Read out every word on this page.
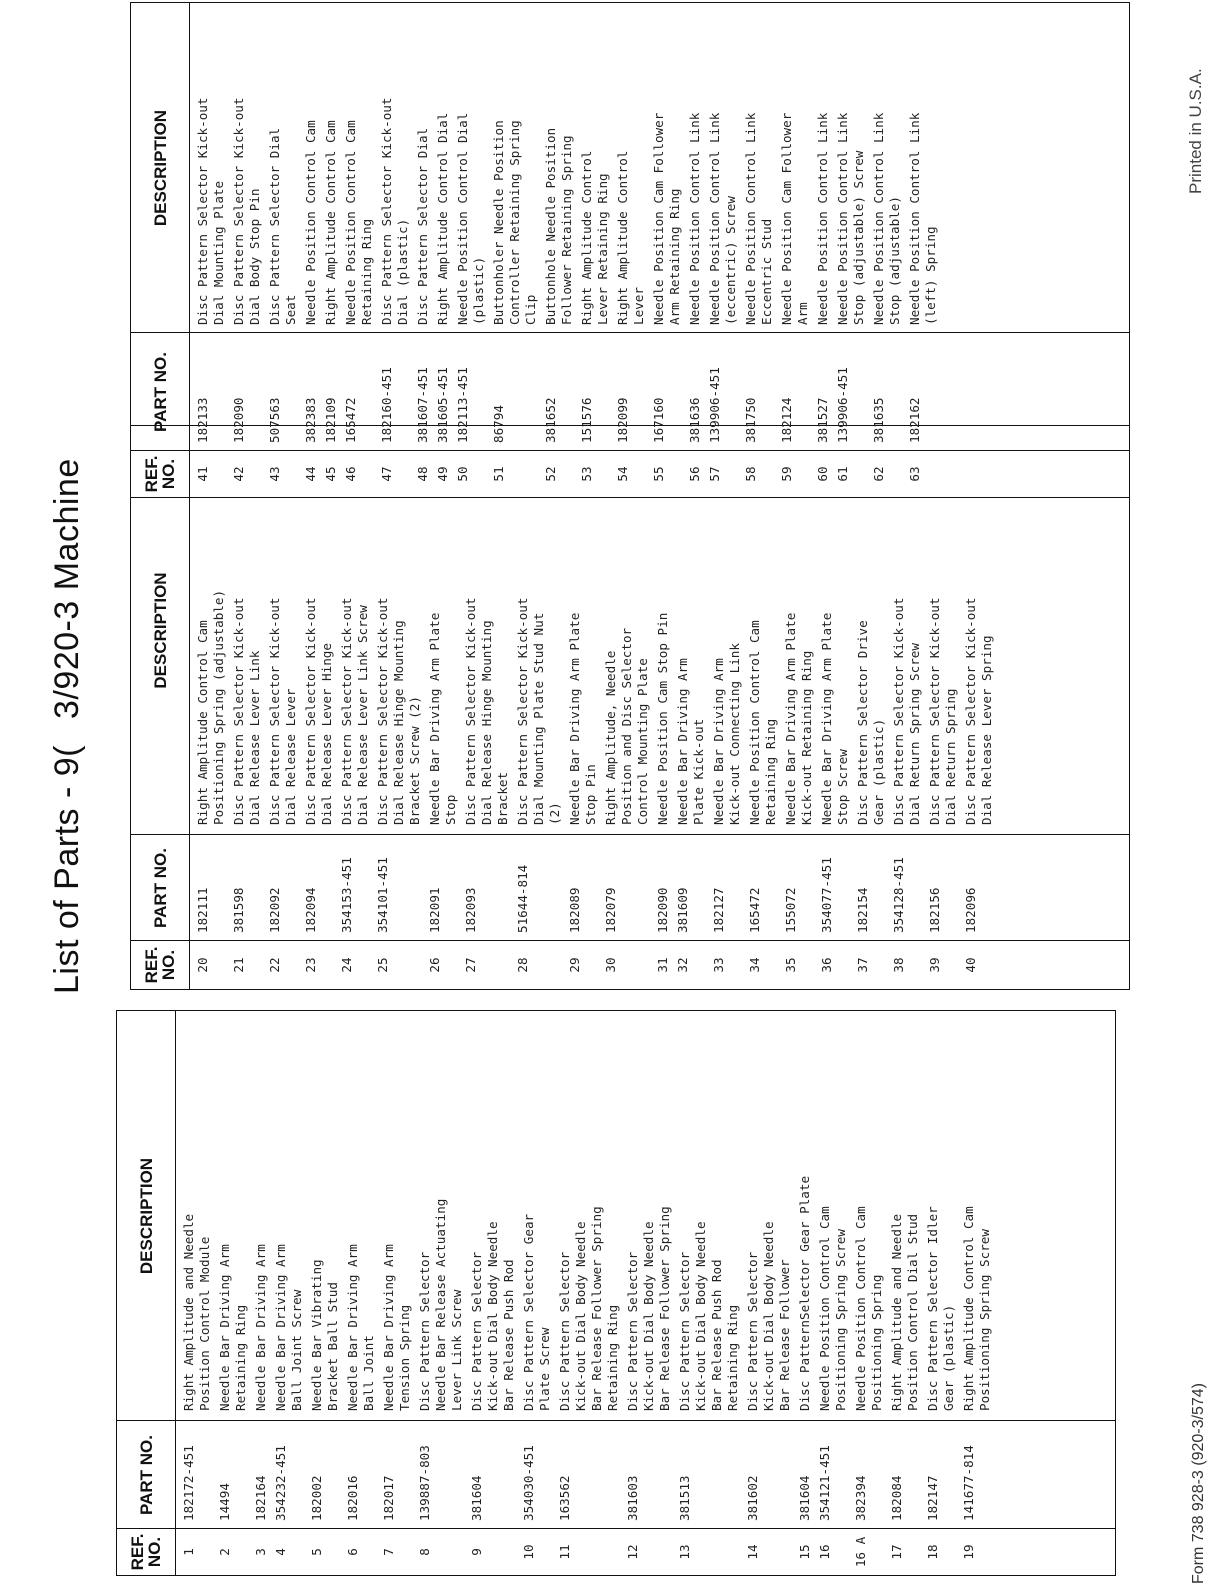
List of Parts - 9(3/920-3 Machine
REF. NO.
PART NO.
DESCRIPTION
1
182172-451
Right Amplitude and Needle Position Control Module
2
14494
Needle Bar Driving Arm Retaining Ring
3
182164
Needle Bar Driving Arm
4
354232-451
Needle Bar Driving Arm Ball Joint Screw
5
182002
Needle Bar Vibrating Bracket Ball Stud
6
182016
Needle Bar Driving Arm Ball Joint
7
182017
Needle Bar Driving Arm Tension Spring
8
139887-803
Disc Pattern Selector Needle Bar Release Actuating Lever Link Screw
9
381604
Disc Pattern Selector Kick-out Dial Body Needle Bar Release Push Rod
10
354030-451
Disc Pattern Selector Gear Plate Screw
11
163562
Disc Pattern Selector Kick-out Dial Body Needle Bar Release Follower Spring Retaining Ring
12
381603
Disc Pattern Selector Kick-out Dial Body Needle Bar Release Follower Spring
13
381513
Disc Pattern Selector Kick-out Dial Body Needle Bar Release Push Rod Retaining Ring
14
381602
Disc Pattern Selector Kick-out Dial Body Needle Bar Release Follower
15
381604
Disc PatternSelector Gear Plate
16
354121-451
Needle Position Control Cam Positioning Spring Screw
16 A
382394
Needle Position Control Cam Positioning Spring
17
182084
Right Amplitude and Needle Position Control Dial Stud
18
182147
Disc Pattern Selector Idler Gear (plastic)
19
141677-814
Right Amplitude Control Cam Positioning Spring Screw
REF. NO.
PART NO.
DESCRIPTION
20
182111
Right Amplitude Control Cam Positioning Spring (adjustable)
21
381598
Disc Pattern Selector Kick-out Dial Release Lever Link
22
182092
Disc Pattern Selector Kick-out Dial Release Lever
23
182094
Disc Pattern Selector Kick-out Dial Release Lever Hinge
24
354153-451
Disc Pattern Selector Kick-out Dial Release Lever Link Screw
25
354101-451
Disc Pattern Selector Kick-out Dial Release Hinge Mounting Bracket Screw (2)
26
182091
Needle Bar Driving Arm Plate Stop
27
182093
Disc Pattern Selector Kick-out Dial Release Hinge Mounting Bracket
28
51644-814
Disc Pattern Selector Kick-out Dial Mounting Plate Stud Nut (2)
29
182089
Needle Bar Driving Arm Plate Stop Pin
30
182079
Right Amplitude, Needle Position and Disc Selector Control Mounting Plate
31
182090
Needle Position Cam Stop Pin
32
381609
Needle Bar Driving Arm Plate Kick-out
33
182127
Needle Bar Driving Arm Kick-out Connecting Link
34
165472
Needle Position Control Cam Retaining Ring
35
155072
Needle Bar Driving Arm Plate Kick-out Retaining Ring
36
354077-451
Needle Bar Driving Arm Plate Stop Screw
37
182154
Disc Pattern Selector Drive Gear (plastic)
38
354128-451
Disc Pattern Selector Kick-out Dial Return Spring Screw
39
182156
Disc Pattern Selector Kick-out Dial Return Spring
40
182096
Disc Pattern Selector Kick-out Dial Release Lever Spring
REF. NO.
PART NO.
DESCRIPTION
41
182133
Disc Pattern Selector Kick-out Dial Mounting Plate
42
182090
Disc Pattern Selector Kick-out Dial Body Stop Pin
43
507563
Disc Pattern Selector Dial Seat
44
382383
Needle Position Control Cam
45
182109
Right Amplitude Control Cam
46
165472
Needle Position Control Cam Retaining Ring
47
182160-451
Disc Pattern Selector Kick-out Dial (plastic)
48
381607-451
Disc Pattern Selector Dial
49
381605-451
Right Amplitude Control Dial
50
182113-451
Needle Position Control Dial (plastic)
51
86794
Buttonholer Needle Position Controller Retaining Spring Clip
52
381652
Buttonhole Needle Position Follower Retaining Spring
53
151576
Right Amplitude Control Lever Retaining Ring
54
182099
Right Amplitude Control Lever
55
167160
Needle Position Cam Follower Arm Retaining Ring
56
381636
Needle Position Control Link
57
139906-451
Needle Position Control Link (eccentric) Screw
58
381750
Needle Position Control Link Eccentric Stud
59
182124
Needle Position Cam Follower Arm
60
381527
Needle Position Control Link
61
139906-451
Needle Position Control Link Stop (adjustable) Screw
62
381635
Needle Position Control Link Stop (adjustable)
63
182162
Needle Position Control Link (left) Spring
Printed in U.S.A.
Form 738 928-3 (920-3/574)
